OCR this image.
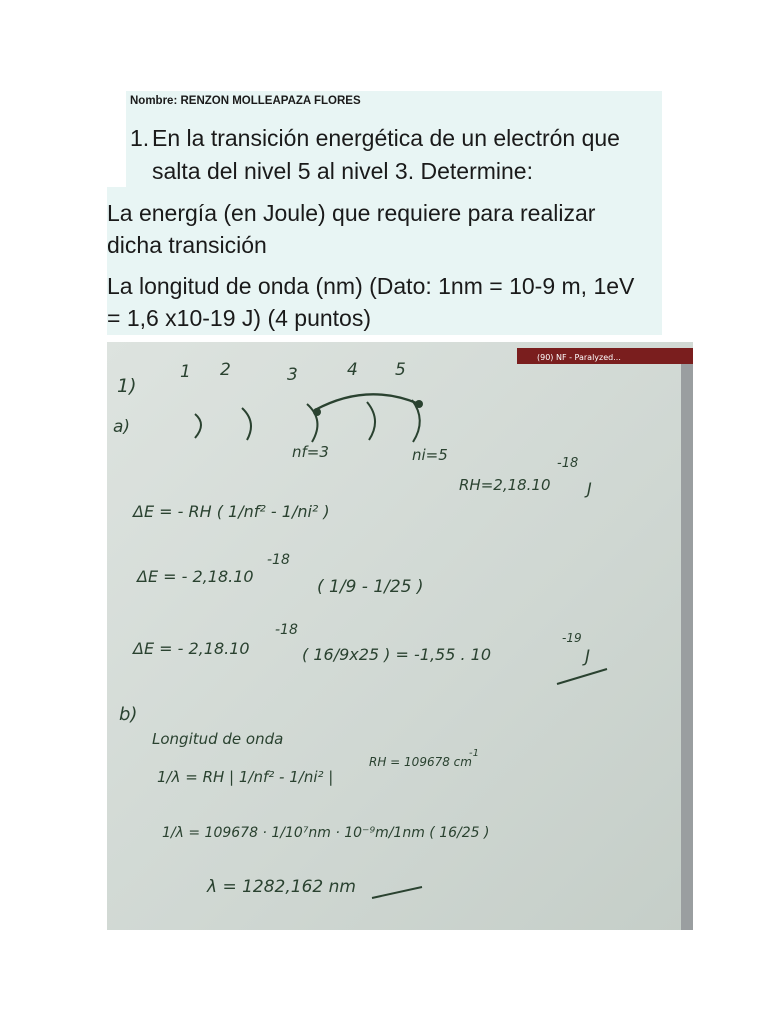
Nombre: RENZON MOLLEAPAZA FLORES
1. En la transición energética de un electrón que
salta del nivel 5 al nivel 3. Determine:
La energía (en Joule) que requiere para realizar
dicha transición
La longitud de onda (nm) (Dato: 1nm = 10-9 m, 1eV
= 1,6 x10-19 J) (4 puntos)
(90) NF - Paralyzed...
1 2	3	4 5
1)
a)
nf=3	ni=5
RH=2,18.10
-18
J
ΔE = - RH ( 1/nf² - 1/ni² )
ΔE = - 2,18.10
-18
( 1/9 - 1/25 )
ΔE = - 2,18.10
-18
( 16/9x25 ) = -1,55 . 10
-19
J
b)
Longitud de onda
1/λ = RH | 1/nf² - 1/ni² |
RH = 109678 cm
-1
1/λ = 109678 · 1/10⁷nm · 10⁻⁹m/1nm ( 16/25 )
λ = 1282,162 nm
